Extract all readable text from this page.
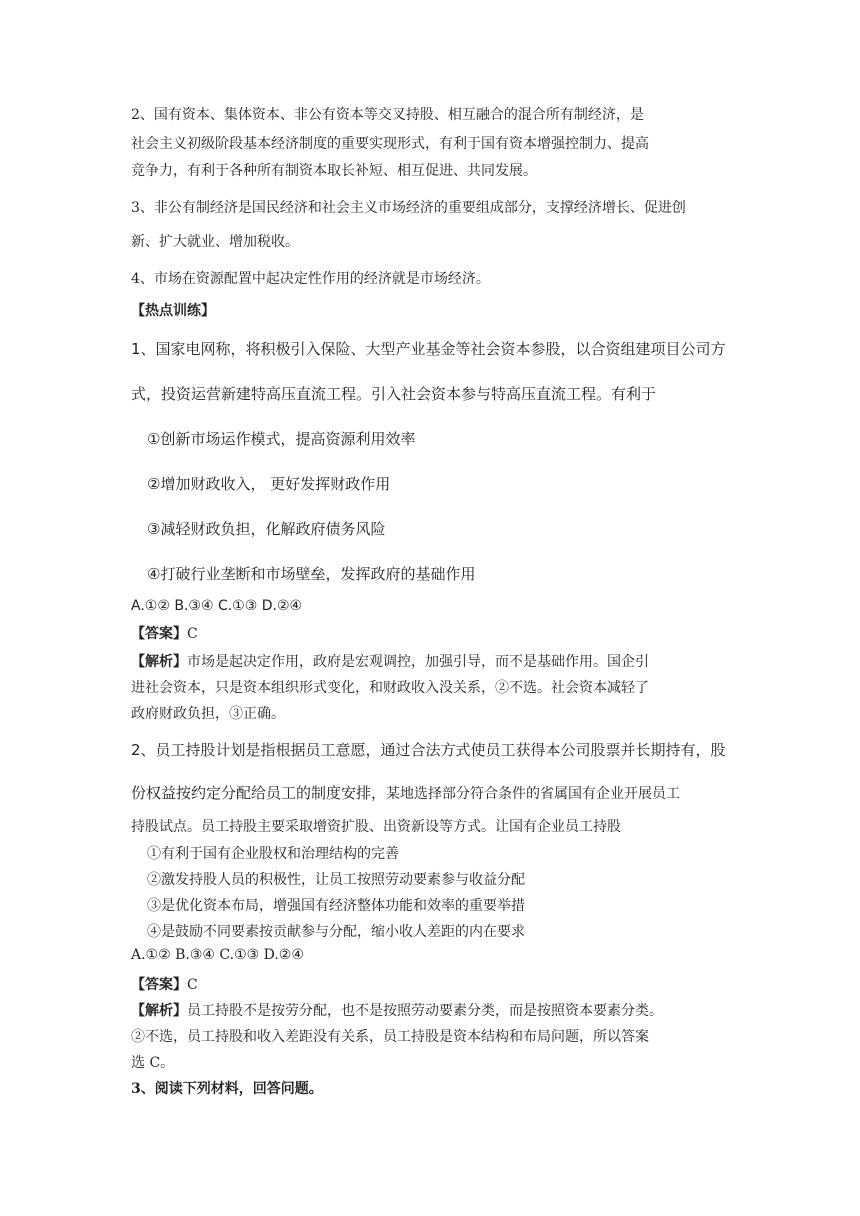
2、国有资本、集体资本、非公有资本等交叉持股、相互融合的混合所有制经济，是
社会主义初级阶段基本经济制度的重要实现形式，有利于国有资本增强控制力、提高
竞争力，有利于各种所有制资本取长补短、相互促进、共同发展。
3、非公有制经济是国民经济和社会主义市场经济的重要组成部分，支撑经济增长、促进创
新、扩大就业、增加税收。
4、市场在资源配置中起决定性作用的经济就是市场经济。
【热点训练】
1、国家电网称，将积极引入保险、大型产业基金等社会资本参股，以合资组建项目公司方
式，投资运营新建特高压直流工程。引入社会资本参与特高压直流工程。有利于
①创新市场运作模式，提高资源利用效率
②增加财政收入， 更好发挥财政作用
③减轻财政负担，化解政府债务风险
④打破行业垄断和市场壁垒，发挥政府的基础作用
A.①② B.③④ C.①③ D.②④
【答案】C
【解析】市场是起决定作用，政府是宏观调控，加强引导，而不是基础作用。国企引
进社会资本，只是资本组织形式变化，和财政收入没关系，②不选。社会资本减轻了
政府财政负担，③正确。
2、员工持股计划是指根据员工意愿，通过合法方式使员工获得本公司股票并长期持有，股
份权益按约定分配给员工的制度安排，某地选择部分符合条件的省属国有企业开展员工
持股试点。员工持股主要采取增资扩股、出资新设等方式。让国有企业员工持股
①有利于国有企业股权和治理结构的完善
②激发持股人员的积极性，让员工按照劳动要素参与收益分配
③是优化资本布局，增强国有经济整体功能和效率的重要举措
④是鼓励不同要素按贡献参与分配，缩小收人差距的内在要求
A.①② B.③④ C.①③ D.②④
【答案】C
【解析】员工持股不是按劳分配，也不是按照劳动要素分类，而是按照资本要素分类。
②不选，员工持股和收入差距没有关系，员工持股是资本结构和布局问题，所以答案
选 C。
3、阅读下列材料，回答问题。
